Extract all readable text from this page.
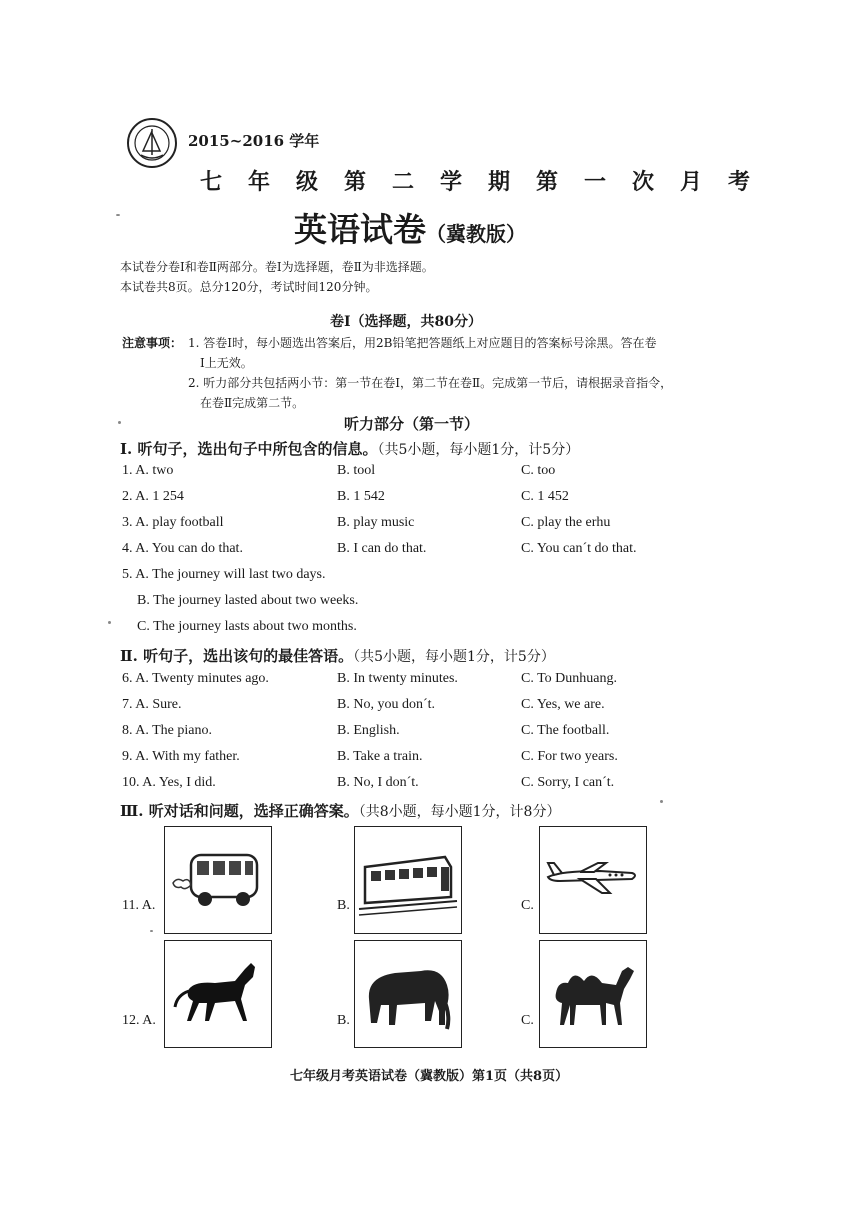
2015~2016 学年
七年级第二学期第一次月考
英语试卷（冀教版）
本试卷分卷Ⅰ和卷Ⅱ两部分。卷Ⅰ为选择题，卷Ⅱ为非选择题。
本试卷共8页。总分120分，考试时间120分钟。
卷Ⅰ（选择题，共80分）
注意事项： 1. 答卷Ⅰ时，每小题选出答案后，用2B铅笔把答题纸上对应题目的答案标号涂黑。答在卷
Ⅰ上无效。
2. 听力部分共包括两小节：第一节在卷Ⅰ，第二节在卷Ⅱ。完成第一节后，请根据录音指令，
在卷Ⅱ完成第二节。
听力部分（第一节）
Ⅰ. 听句子，选出句子中所包含的信息。（共5小题，每小题1分，计5分）
1. A. two	B. tool	C. too
2. A. 1 254	B. 1 542	C. 1 452
3. A. play football	B. play music	C. play the erhu
4. A. You can do that.	B. I can do that.	C. You can´t do that.
5. A. The journey will last two days.
B. The journey lasted about two weeks.
C. The journey lasts about two months.
Ⅱ. 听句子，选出该句的最佳答语。（共5小题，每小题1分，计5分）
6. A. Twenty minutes ago.	B. In twenty minutes.	C. To Dunhuang.
7. A. Sure.	B. No, you don´t.	C. Yes, we are.
8. A. The piano.	B. English.	C. The football.
9. A. With my father.	B. Take a train.	C. For two years.
10. A. Yes, I did.	B. No, I don´t.	C. Sorry, I can´t.
Ⅲ. 听对话和问题，选择正确答案。（共8小题，每小题1分，计8分）
11. A.	B.	C.
12. A.	B.	C.
七年级月考英语试卷（冀教版）第1页（共8页）
